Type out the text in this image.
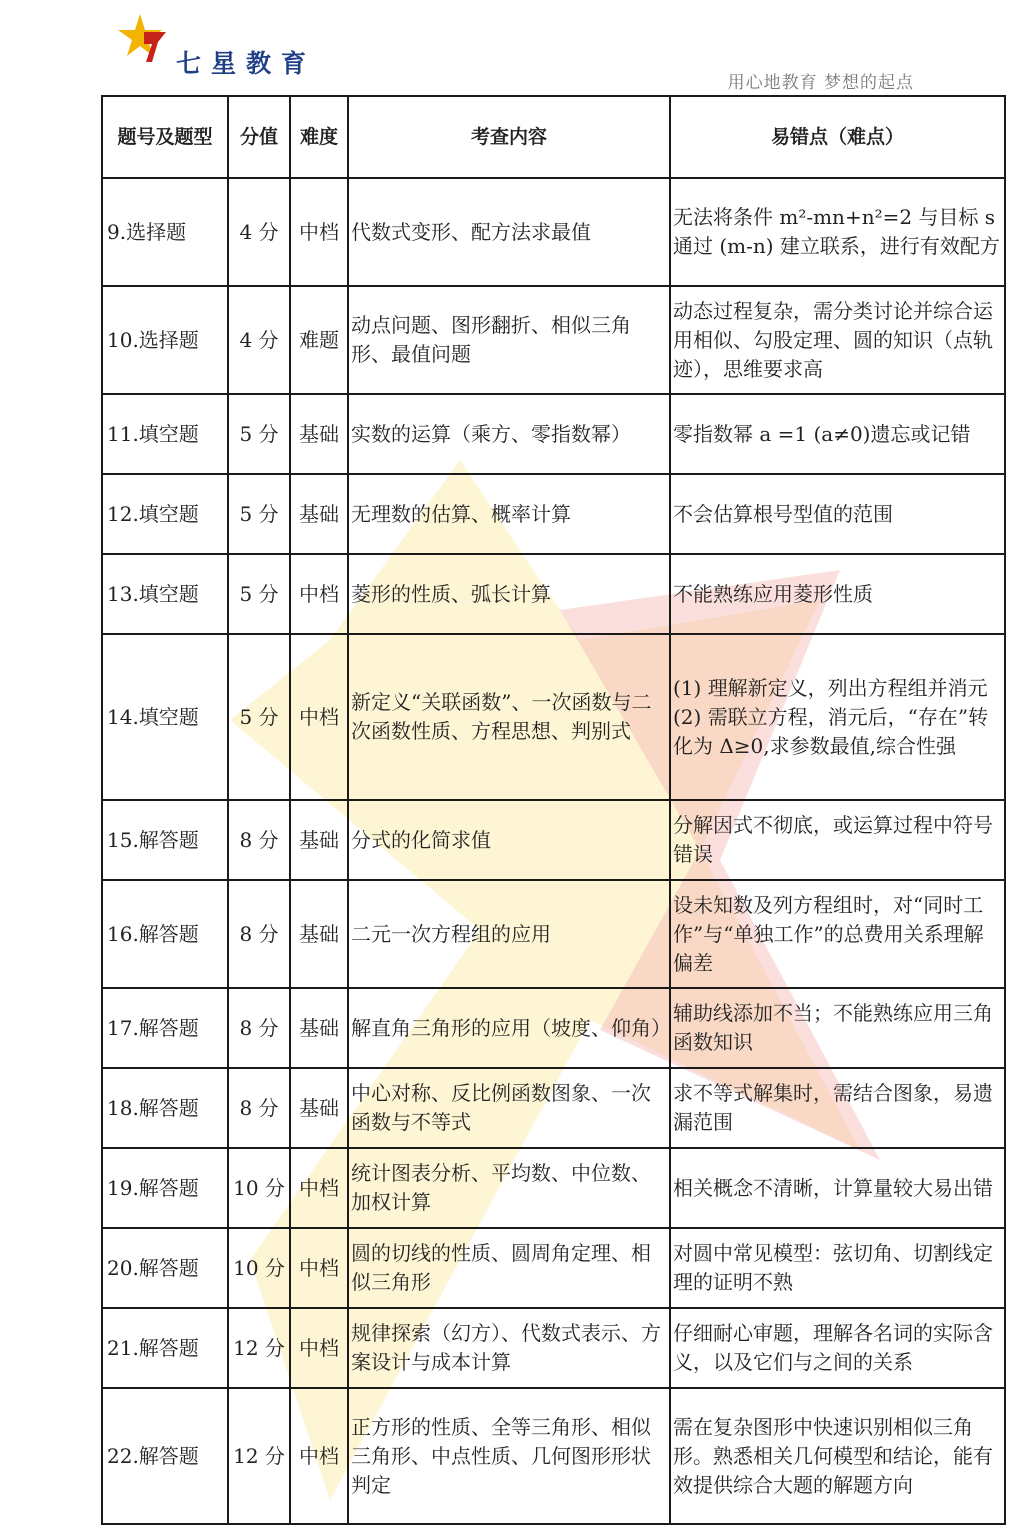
七星教育
用心地教育 梦想的起点
题号及题型	分值	难度	考查内容	易错点（难点）
9.选择题	4 分	中档	代数式变形、配方法求最值	无法将条件 m²-mn+n²=2 与目标 s 通过 (m-n) 建立联系，进行有效配方
10.选择题	4 分	难题	动点问题、图形翻折、相似三角形、最值问题	动态过程复杂，需分类讨论并综合运用相似、勾股定理、圆的知识（点轨迹），思维要求高
11.填空题	5 分	基础	实数的运算（乘方、零指数幂）	零指数幂 a =1 (a≠0)遗忘或记错
12.填空题	5 分	基础	无理数的估算、概率计算	不会估算根号型值的范围
13.填空题	5 分	中档	菱形的性质、弧长计算	不能熟练应用菱形性质
14.填空题	5 分	中档	新定义“关联函数”、一次函数与二次函数性质、方程思想、判别式	(1) 理解新定义，列出方程组并消元 (2) 需联立方程，消元后，“存在”转化为 Δ≥0,求参数最值,综合性强
15.解答题	8 分	基础	分式的化简求值	分解因式不彻底，或运算过程中符号错误
16.解答题	8 分	基础	二元一次方程组的应用	设未知数及列方程组时，对“同时工作”与“单独工作”的总费用关系理解偏差
17.解答题	8 分	基础	解直角三角形的应用（坡度、仰角）	辅助线添加不当；不能熟练应用三角函数知识
18.解答题	8 分	基础	中心对称、反比例函数图象、一次函数与不等式	求不等式解集时，需结合图象，易遗漏范围
19.解答题	10 分	中档	统计图表分析、平均数、中位数、加权计算	相关概念不清晰，计算量较大易出错
20.解答题	10 分	中档	圆的切线的性质、圆周角定理、相似三角形	对圆中常见模型：弦切角、切割线定理的证明不熟
21.解答题	12 分	中档	规律探索（幻方）、代数式表示、方案设计与成本计算	仔细耐心审题，理解各名词的实际含义，以及它们与之间的关系
22.解答题	12 分	中档	正方形的性质、全等三角形、相似三角形、中点性质、几何图形形状判定	需在复杂图形中快速识别相似三角形。熟悉相关几何模型和结论，能有效提供综合大题的解题方向
